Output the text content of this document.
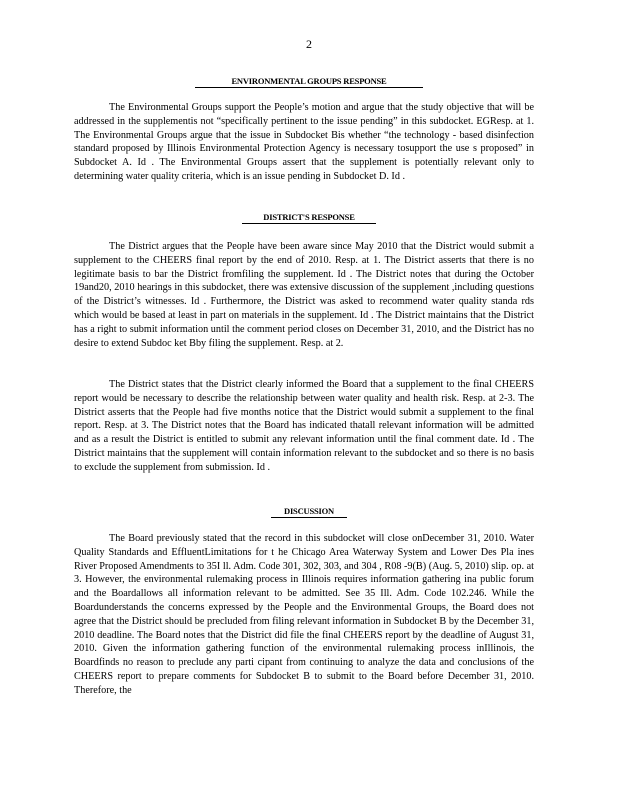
2
ENVIRONMENTAL GROUPS RESPONSE

The Environmental Groups support the People’s motion and argue that the study objective that will be addressed in the supplementis not “specifically pertinent to the issue pending” in this subdocket. EGResp. at 1. The Environmental Groups argue that the issue in Subdocket Bis whether “the technology - based disinfection standard proposed by Illinois Environmental Protection Agency is necessary tosupport the use s proposed” in Subdocket A. Id . The Environmental Groups assert that the supplement is potentially relevant only to determining water quality criteria, which is an issue pending in Subdocket D. Id .

DISTRICT'S RESPONSE

The District argues that the People have been aware since May 2010 that the District would submit a supplement to the CHEERS final report by the end of 2010. Resp. at 1. The District asserts that there is no legitimate basis to bar the District fromfiling the supplement. Id . The District notes that during the October 19and20, 2010 hearings in this subdocket, there was extensive discussion of the supplement ,including questions of the District’s witnesses. Id . Furthermore, the District was asked to recommend water quality standa rds which would be based at least in part on materials in the supplement. Id . The District maintains that the District has a right to submit information until the comment period closes on December 31, 2010, and the District has no desire to extend Subdoc ket Bby filing the supplement. Resp. at 2.

The District states that the District clearly informed the Board that a supplement to the final CHEERS report would be necessary to describe the relationship between water quality and health risk. Resp. at 2-3. The District asserts that the People had five months notice that the District would submit a supplement to the final report. Resp. at 3. The District notes that the Board has indicated thatall relevant information will be admitted and as a result the District is entitled to submit any relevant information until the final comment date. Id . The District maintains that the supplement will contain information relevant to the subdocket and so there is no basis to exclude the supplement from submission. Id .

DISCUSSION

The Board previously stated that the record in this subdocket will close onDecember 31, 2010. Water Quality Standards and EffluentLimitations for t he Chicago Area Waterway System and Lower Des Pla ines River Proposed Amendments to 35I ll. Adm. Code 301, 302, 303, and 304 , R08 -9(B) (Aug. 5, 2010) slip. op. at 3. However, the environmental rulemaking process in Illinois requires information gathering ina public forum and the Boardallows all information relevant to be admitted. See 35 Ill. Adm. Code 102.246. While the Boardunderstands the concerns expressed by the People and the Environmental Groups, the Board does not agree that the District should be precluded from filing relevant information in Subdocket B by the December 31, 2010 deadline. The Board notes that the District did file the final CHEERS report by the deadline of August 31, 2010. Given the information gathering function of the environmental rulemaking process inIllinois, the Boardfinds no reason to preclude any parti cipant from continuing to analyze the data and conclusions of the CHEERS report to prepare comments for Subdocket B to submit to the Board before December 31, 2010. Therefore, the
